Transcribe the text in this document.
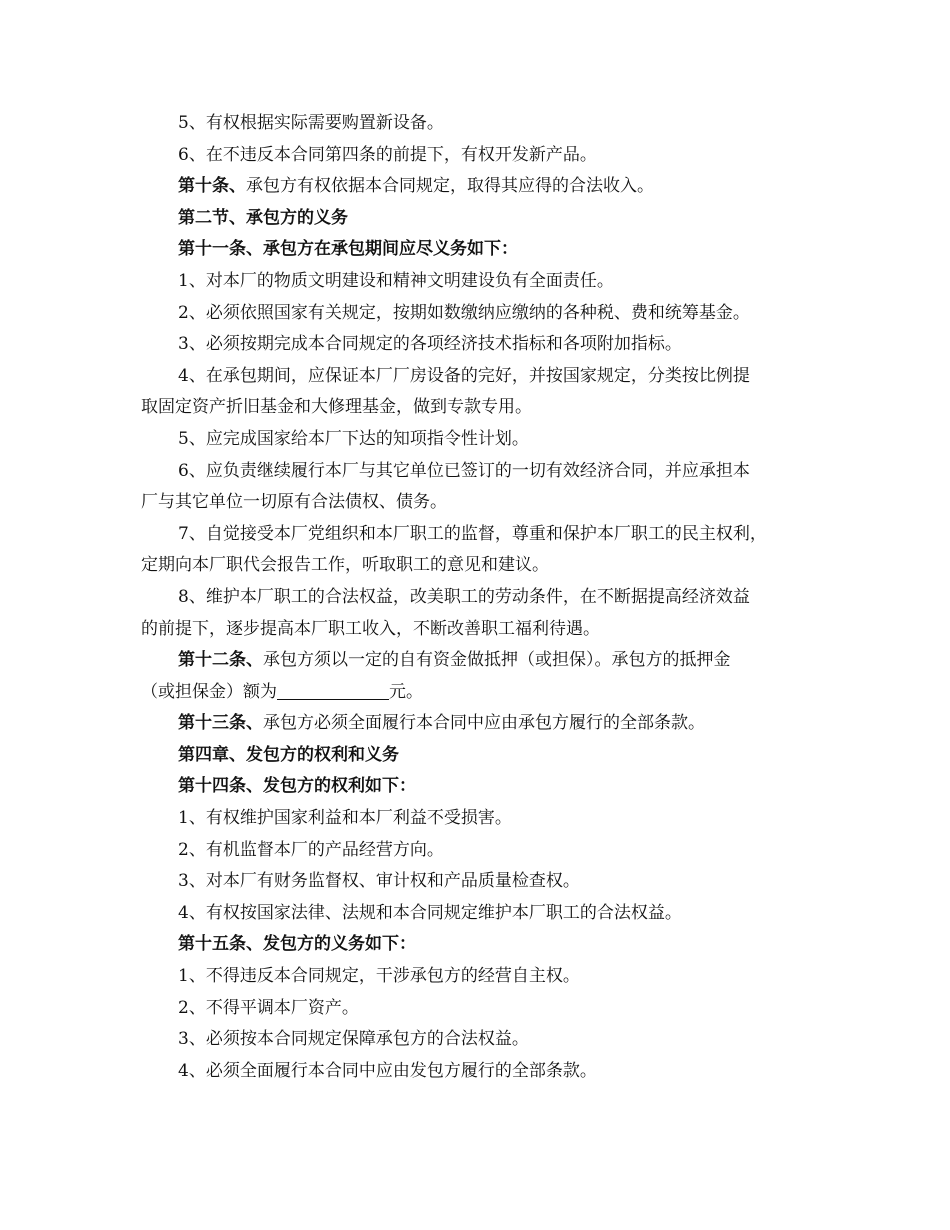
5、有权根据实际需要购置新设备。

6、在不违反本合同第四条的前提下，有权开发新产品。

第十条、承包方有权依据本合同规定，取得其应得的合法收入。

第二节、承包方的义务

第十一条、承包方在承包期间应尽义务如下：

1、对本厂的物质文明建设和精神文明建设负有全面责任。

2、必须依照国家有关规定，按期如数缴纳应缴纳的各种税、费和统筹基金。

3、必须按期完成本合同规定的各项经济技术指标和各项附加指标。

4、在承包期间，应保证本厂厂房设备的完好，并按国家规定，分类按比例提

取固定资产折旧基金和大修理基金，做到专款专用。

5、应完成国家给本厂下达的知项指令性计划。

6、应负责继续履行本厂与其它单位已签订的一切有效经济合同，并应承担本

厂与其它单位一切原有合法债权、债务。

7、自觉接受本厂党组织和本厂职工的监督，尊重和保护本厂职工的民主权利，

定期向本厂职代会报告工作，听取职工的意见和建议。

8、维护本厂职工的合法权益，改美职工的劳动条件，在不断据提高经济效益

的前提下，逐步提高本厂职工收入，不断改善职工福利待遇。

第十二条、承包方须以一定的自有资金做抵押（或担保）。承包方的抵押金

（或担保金）额为	元。

第十三条、承包方必须全面履行本合同中应由承包方履行的全部条款。

第四章、发包方的权利和义务

第十四条、发包方的权利如下：

1、有权维护国家利益和本厂利益不受损害。

2、有机监督本厂的产品经营方向。

3、对本厂有财务监督权、审计权和产品质量检查权。

4、有权按国家法律、法规和本合同规定维护本厂职工的合法权益。

第十五条、发包方的义务如下：

1、不得违反本合同规定，干涉承包方的经营自主权。

2、不得平调本厂资产。

3、必须按本合同规定保障承包方的合法权益。

4、必须全面履行本合同中应由发包方履行的全部条款。
